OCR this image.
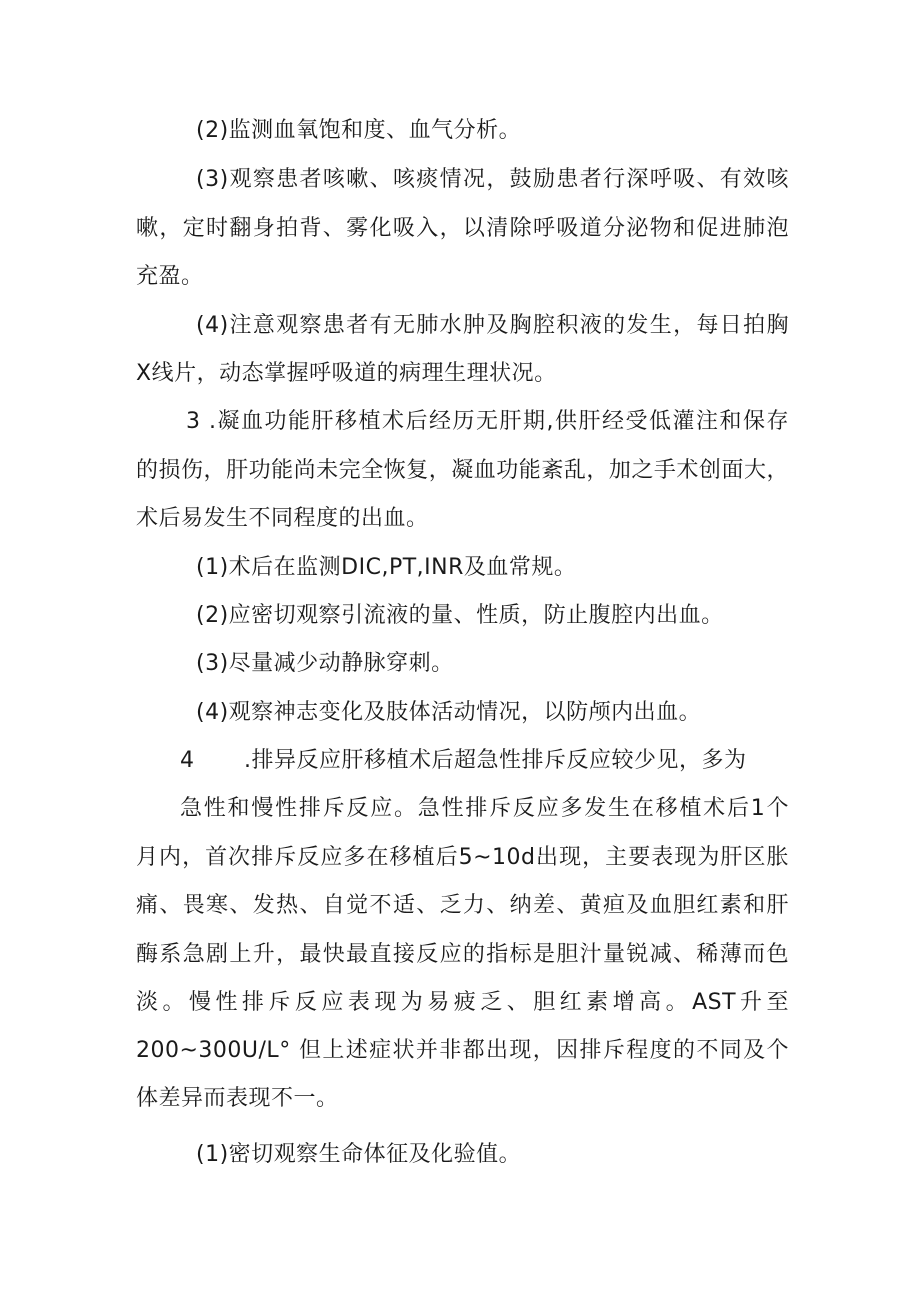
(2)监测血氧饱和度、血气分析。
(3)观察患者咳嗽、咳痰情况，鼓励患者行深呼吸、有效咳
嗽，定时翻身拍背、雾化吸入，以清除呼吸道分泌物和促进肺泡
充盈。
(4)注意观察患者有无肺水肿及胸腔积液的发生，每日拍胸
X线片，动态掌握呼吸道的病理生理状况。
3 .凝血功能肝移植术后经历无肝期,供肝经受低灌注和保存
的损伤，肝功能尚未完全恢复，凝血功能紊乱，加之手术创面大，
术后易发生不同程度的出血。
(1)术后在监测DIC,PT,INR及血常规。
(2)应密切观察引流液的量、性质，防止腹腔内出血。
(3)尽量减少动静脉穿刺。
(4)观察神志变化及肢体活动情况，以防颅内出血。
4 .排异反应肝移植术后超急性排斥反应较少见，多为
急性和慢性排斥反应。急性排斥反应多发生在移植术后1个
月内，首次排斥反应多在移植后5~10d出现，主要表现为肝区胀
痛、畏寒、发热、自觉不适、乏力、纳差、黄疸及血胆红素和肝
酶系急剧上升，最快最直接反应的指标是胆汁量锐减、稀薄而色
淡。慢性排斥反应表现为易疲乏、胆红素增高。AST升至
200~300U/L° 但上述症状并非都出现，因排斥程度的不同及个
体差异而表现不一。
(1)密切观察生命体征及化验值。
